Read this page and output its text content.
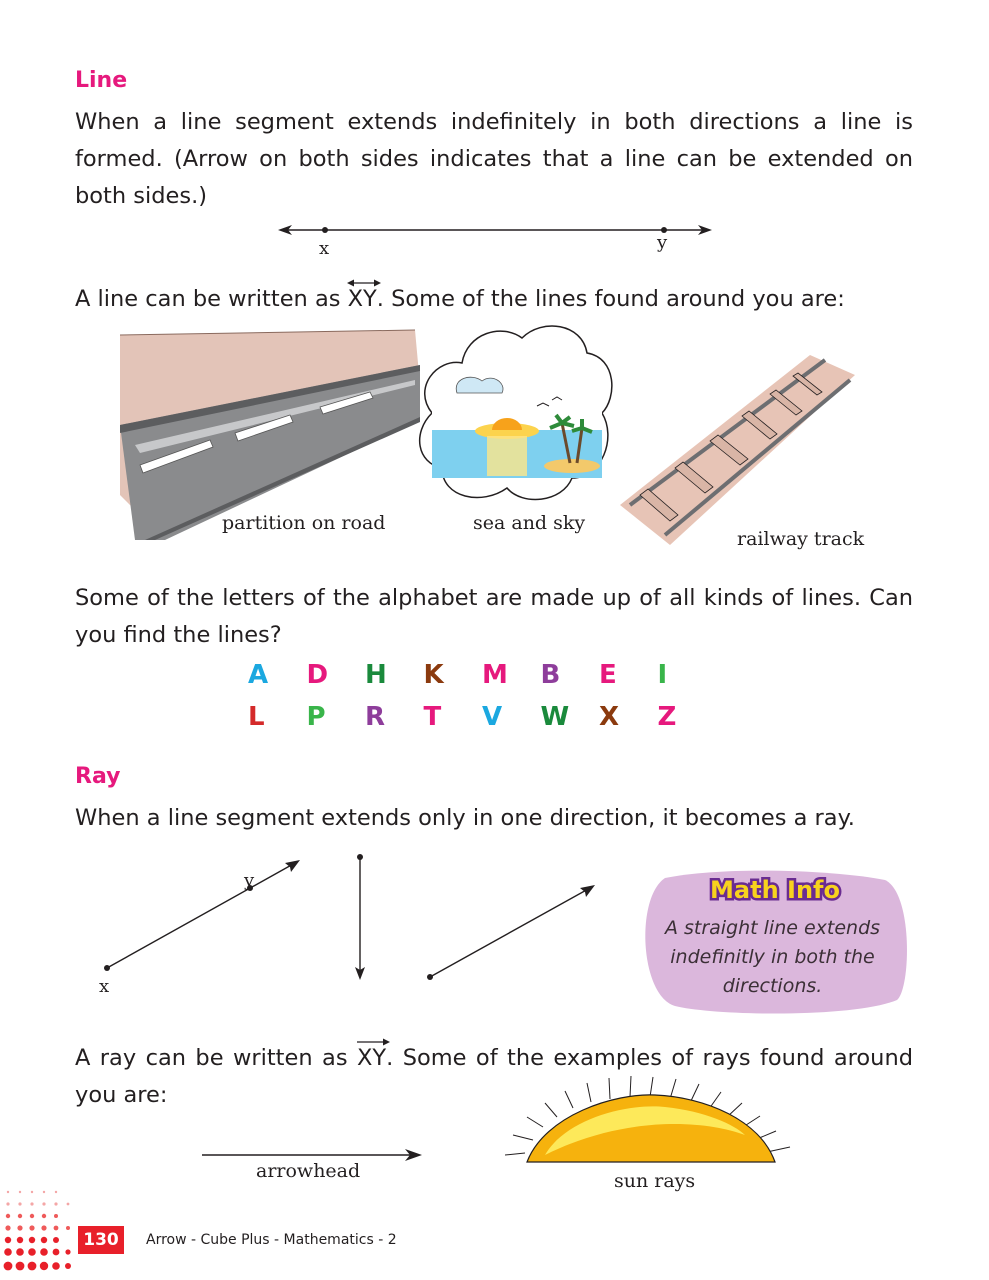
Line
When a line segment extends indefinitely in both directions a line is
formed. (Arrow on both sides indicates that a line can be extended on
both sides.)
x	y
A line can be written as
XY. Some of the lines found around you are:
partition on road	sea and sky
railway track
Some of the letters of the alphabet are made up of all kinds of lines. Can
you find the lines?
A D H K M B E I
L P R T V W X Z
Ray
When a line segment extends only in one direction, it becomes a ray.
y
x
Math Info
A straight line extends
indefinitly in both the
directions.
A ray can be written as
XY. Some of the examples of rays found around
you are:
arrowhead	sun rays
130	Arrow - Cube Plus - Mathematics - 2
